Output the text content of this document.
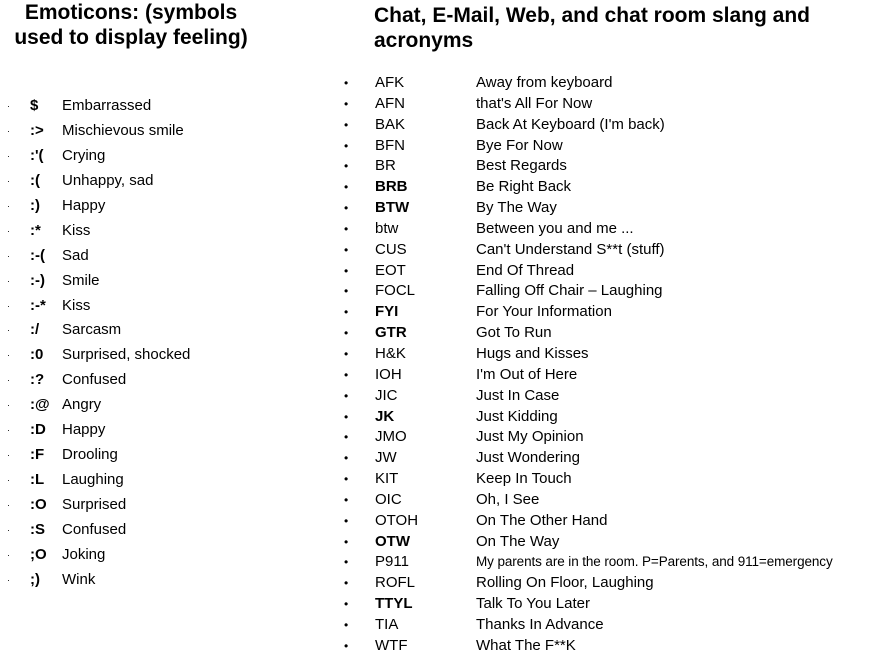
Emoticons: (symbols used to display feeling)
Chat, E-Mail, Web, and chat room slang and acronyms
· $ Embarrassed
· :> Mischievous smile
· :'( Crying
· :( Unhappy, sad
· :) Happy
· :* Kiss
· :-( Sad
· :-) Smile
· :-* Kiss
· :/ Sarcasm
· :0 Surprised, shocked
· :? Confused
· :@ Angry
· :D Happy
· :F Drooling
· :L Laughing
· :O Surprised
· :S Confused
· ;O Joking
· ;) Wink
• AFK	Away from keyboard
• AFN	that's All For Now
• BAK	Back At Keyboard (I'm back)
• BFN	Bye For Now
• BR	Best Regards
• BRB	Be Right Back
• BTW	By The Way
• btw	Between you and me ...
• CUS	Can't Understand S**t (stuff)
• EOT	End Of Thread
• FOCL	Falling Off Chair – Laughing
• FYI	For Your Information
• GTR	Got To Run
• H&K	Hugs and Kisses
• IOH	I'm Out of Here
• JIC	Just In Case
• JK	Just Kidding
• JMO	Just My Opinion
• JW	Just Wondering
• KIT	Keep In Touch
• OIC	Oh, I See
• OTOH	On The Other Hand
• OTW	On The Way
• P911	My parents are in the room. P=Parents, and 911=emergency
• ROFL	Rolling On Floor, Laughing
• TTYL	Talk To You Later
• TIA	Thanks In Advance
• WTF	What The F**K
